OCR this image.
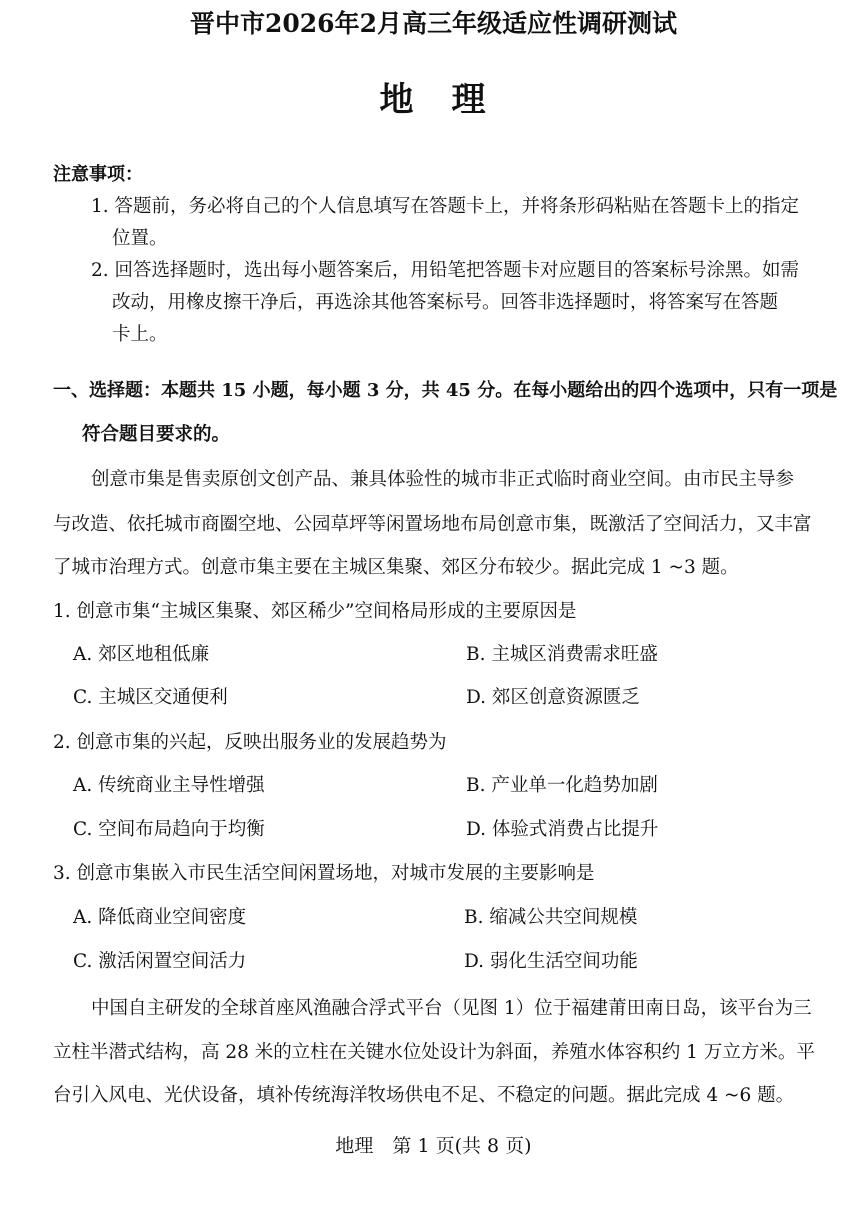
晋中市2026年2月高三年级适应性调研测试
地　理
注意事项：
1. 答题前，务必将自己的个人信息填写在答题卡上，并将条形码粘贴在答题卡上的指定
位置。
2. 回答选择题时，选出每小题答案后，用铅笔把答题卡对应题目的答案标号涂黑。如需
改动，用橡皮擦干净后，再选涂其他答案标号。回答非选择题时，将答案写在答题
卡上。
一、选择题：本题共 15 小题，每小题 3 分，共 45 分。在每小题给出的四个选项中，只有一项是
符合题目要求的。
创意市集是售卖原创文创产品、兼具体验性的城市非正式临时商业空间。由市民主导参
与改造、依托城市商圈空地、公园草坪等闲置场地布局创意市集，既激活了空间活力，又丰富
了城市治理方式。创意市集主要在主城区集聚、郊区分布较少。据此完成 1 ~3 题。
1. 创意市集“主城区集聚、郊区稀少”空间格局形成的主要原因是
A. 郊区地租低廉	B. 主城区消费需求旺盛
C. 主城区交通便利	D. 郊区创意资源匮乏
2. 创意市集的兴起，反映出服务业的发展趋势为
A. 传统商业主导性增强	B. 产业单一化趋势加剧
C. 空间布局趋向于均衡	D. 体验式消费占比提升
3. 创意市集嵌入市民生活空间闲置场地，对城市发展的主要影响是
A. 降低商业空间密度	B. 缩减公共空间规模
C. 激活闲置空间活力	D. 弱化生活空间功能
中国自主研发的全球首座风渔融合浮式平台（见图 1）位于福建莆田南日岛，该平台为三
立柱半潜式结构，高 28 米的立柱在关键水位处设计为斜面，养殖水体容积约 1 万立方米。平
台引入风电、光伏设备，填补传统海洋牧场供电不足、不稳定的问题。据此完成 4 ~6 题。
地理　第 1 页(共 8 页)
